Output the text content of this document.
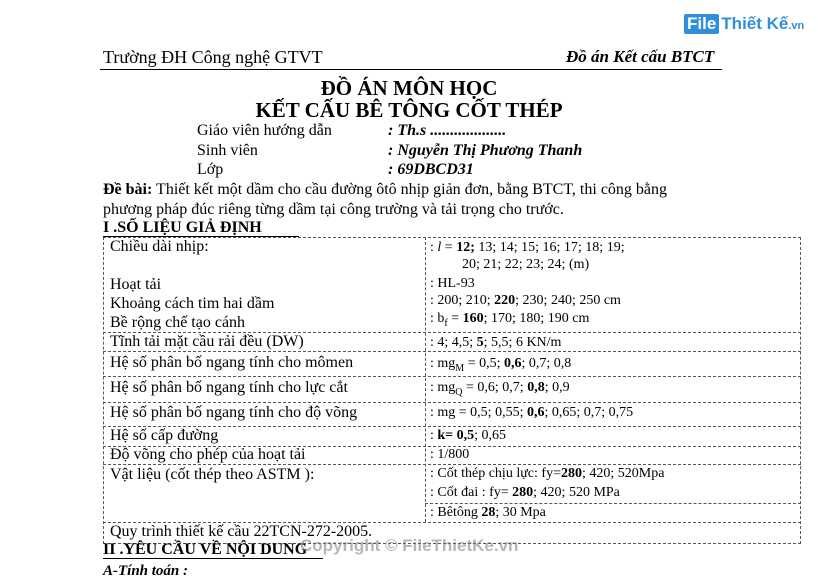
File Thiết Kế.vn
Trường ĐH Công nghệ GTVT	Đồ án Kết cấu BTCT
ĐỒ ÁN MÔN HỌC
KẾT CẤU BÊ TÔNG CỐT THÉP
Giáo viên hướng dẫn	: Th.s ...................
Sinh viên	: Nguyễn Thị Phương Thanh
Lớp	: 69DBCD31
Đề bài: Thiết kết một dầm cho cầu đường ôtô nhịp giản đơn, bằng BTCT, thi công bằng
phương pháp đúc riêng từng dầm tại công trường và tải trọng cho trước.
I .SỐ LIỆU GIẢ ĐỊNH
Chiều dài nhịp:	: l = 12; 13; 14; 15; 16; 17; 18; 19;
20; 21; 22; 23; 24; (m)
Hoạt tải	: HL-93
Khoảng cách tim hai dầm	: 200; 210; 220; 230; 240; 250 cm
Bề rộng chế tạo cánh	: $b_f = 160$; 170; 180; 190 cm
Tĩnh tải mặt cầu rải đều (DW)	: 4; 4,5; 5; 5,5; 6 KN/m
Hệ số phân bố ngang tính cho mômen	: $mg_M = 0,5$; 0,6; 0,7; 0,8
Hệ số phân bố ngang tính cho lực cắt	: $mg_Q = 0,6$; 0,7; 0,8; 0,9
Hệ số phân bố ngang tính cho độ võng	: mg = 0,5; 0,55; 0,6; 0,65; 0,7; 0,75
Hệ số cấp đường	: k= 0,5; 0,65
Độ võng cho phép của hoạt tải	: 1/800
Vật liệu (cốt thép theo ASTM ):	: Cốt thép chịu lực: fy=280; 420; 520Mpa
: Cốt đai : fy= 280; 420; 520 MPa
: Bêtông 28; 30 Mpa
Quy trình thiết kế cầu 22TCN-272-2005.
II .YÊU CẦU VỀ NỘI DUNG
A-Tính toán :
Copyright © FileThietKe.vn
